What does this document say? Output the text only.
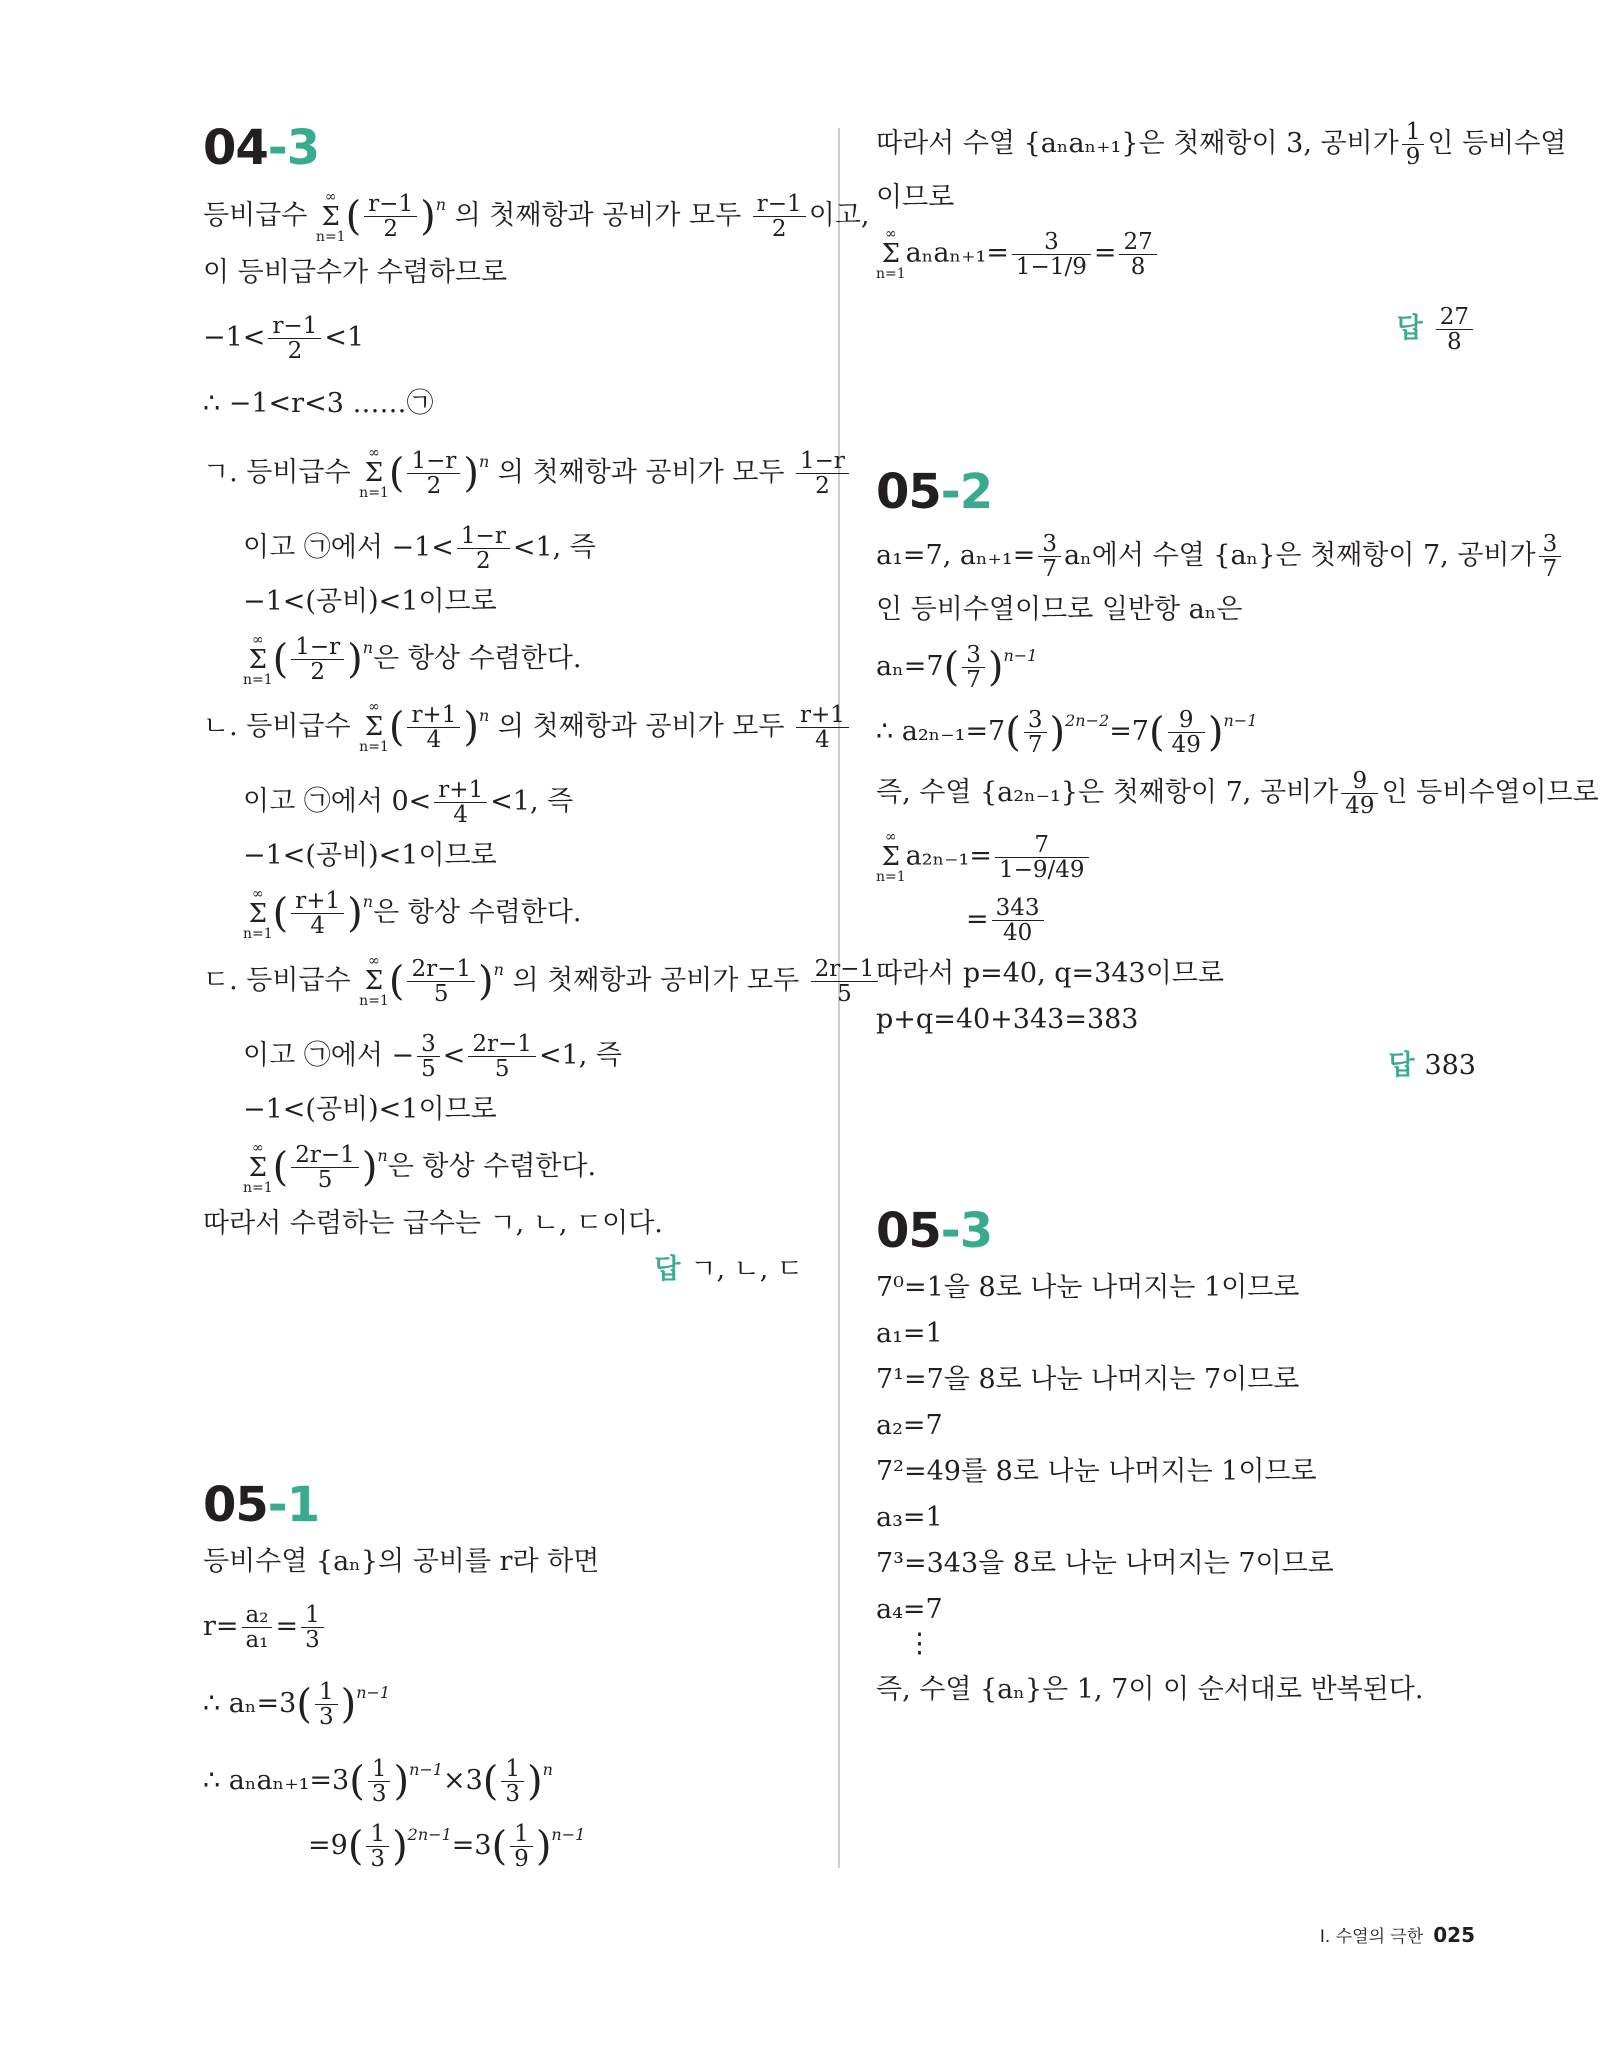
04-3
등비급수 ∞
Σ
$n=1( \frac{r-1}{2} )^n$ 의 첫째항과 공비가 모두 $\frac{r-1}{2}$ 이고,
이 등비급수가 수렴하므로
$-1< \frac{r-1}{2} <1$
∴ −1<r<3 ……㉠
ㄱ. 등비급수 ∞
Σ
$n=1( \frac{1-r}{2} )^n$ 의 첫째항과 공비가 모두 $\frac{1-r}{2}$
이고 ㉠에서 $-1< \frac{1-r}{2} <1$, 즉
−1<(공비)<1이므로
∞
Σ
$n=1( \frac{1-r}{2} )^n$은 항상 수렴한다.
ㄴ. 등비급수 ∞
Σ
$n=1( \frac{r+1}{4} )^n$ 의 첫째항과 공비가 모두 $\frac{r+1}{4}$
이고 ㉠에서 $0< \frac{r+1}{4} <1$, 즉
−1<(공비)<1이므로
∞
Σ
$n=1( \frac{r+1}{4} )^n$은 항상 수렴한다.
ㄷ. 등비급수 ∞
Σ
$n=1( \frac{2r-1}{5} )^n$ 의 첫째항과 공비가 모두 $\frac{2r-1}{5}$
이고 ㉠에서 − $\frac{3}{5} < \frac{2r-1}{5} <1$, 즉
−1<(공비)<1이므로
∞
Σ
$n=1( \frac{2r-1}{5} )^n$은 항상 수렴한다.
따라서 수렴하는 급수는 ㄱ, ㄴ, ㄷ이다.
답 ㄱ, ㄴ, ㄷ
05-1
등비수열 {aₙ}의 공비를 r라 하면
$r= \frac{\text{a₂}}{\text{a₁}} = \frac{1}{3}$
∴ $a_n=3( \frac{1}{3} )^{n-1}$
∴ $a_na_{n+1}=3( \frac{1}{3} )^{n-1}\times 3( \frac{1}{3} )^n$
$=9( \frac{1}{3} )^{2n-1}=3( \frac{1}{9} )^{n-1}$
따라서 수열 {aₙaₙ₊₁}은 첫째항이 3, 공비가 $\frac{1}{9}$ 인 등비수열
이므로
∞
Σ
$n=1a_na_{n+1}= \frac{3}{1-1/9} = \frac{27}{8}$
답 $\frac{27}{8}$
05-2
a₁=7, $a_{n+1}= \frac{3}{7}$ aₙ에서 수열 {aₙ}은 첫째항이 7, 공비가 $\frac{3}{7}$
인 등비수열이므로 일반항 aₙ은
$a_n=7( \frac{3}{7} )^{n-1}$
∴ $a_{2n-1}=7( \frac{3}{7} )^{2n-2}=7( \frac{9}{49} )^{n-1}$
즉, 수열 {a₂ₙ₋₁}은 첫째항이 7, 공비가 $\frac{9}{49}$ 인 등비수열이므로
∞
Σ
$n=1a_{2n-1}= \frac{7}{1-9/49}$
= $\frac{343}{40}$
따라서 p=40, q=343이므로
p+q=40+343=383
답 383
05-3
7⁰=1을 8로 나눈 나머지는 1이므로
a₁=1
7¹=7을 8로 나눈 나머지는 7이므로
a₂=7
7²=49를 8로 나눈 나머지는 1이므로
a₃=1
7³=343을 8로 나눈 나머지는 7이므로
a₄=7
⋮
즉, 수열 {aₙ}은 1, 7이 이 순서대로 반복된다.
Ⅰ. 수열의 극한 025
